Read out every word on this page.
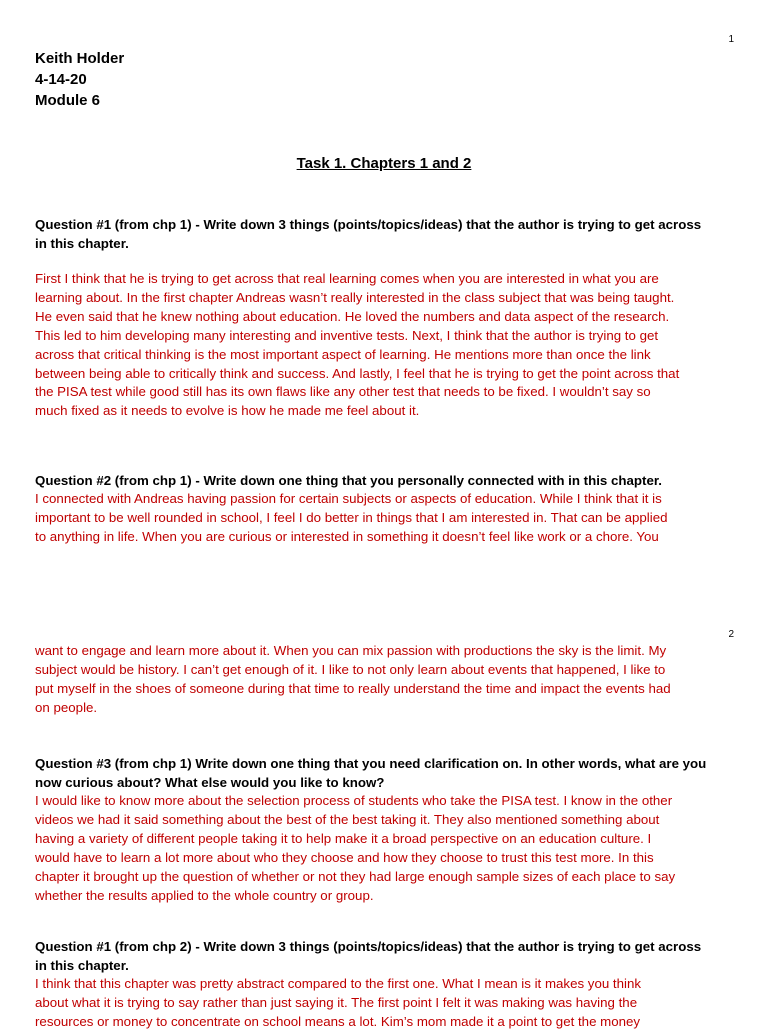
1
Keith Holder
4-14-20
Module 6
Task 1. Chapters 1 and 2
Question #1 (from chp 1) - Write down 3 things (points/topics/ideas) that the author is trying to get across
in this chapter.
First I think that he is trying to get across that real learning comes when you are interested in what you are
learning about. In the first chapter Andreas wasn’t really interested in the class subject that was being taught.
He even said that he knew nothing about education. He loved the numbers and data aspect of the research.
This led to him developing many interesting and inventive tests. Next, I think that the author is trying to get
across that critical thinking is the most important aspect of learning. He mentions more than once the link
between being able to critically think and success. And lastly, I feel that he is trying to get the point across that
the PISA test while good still has its own flaws like any other test that needs to be fixed. I wouldn’t say so
much fixed as it needs to evolve is how he made me feel about it.
Question #2 (from chp 1) - Write down one thing that you personally connected with in this chapter.
I connected with Andreas having passion for certain subjects or aspects of education. While I think that it is
important to be well rounded in school, I feel I do better in things that I am interested in. That can be applied
to anything in life. When you are curious or interested in something it doesn’t feel like work or a chore. You
2
want to engage and learn more about it. When you can mix passion with productions the sky is the limit. My
subject would be history. I can’t get enough of it. I like to not only learn about events that happened, I like to
put myself in the shoes of someone during that time to really understand the time and impact the events had
on people.
Question #3 (from chp 1) Write down one thing that you need clarification on. In other words, what are you
now curious about? What else would you like to know?
I would like to know more about the selection process of students who take the PISA test. I know in the other
videos we had it said something about the best of the best taking it. They also mentioned something about
having a variety of different people taking it to help make it a broad perspective on an education culture. I
would have to learn a lot more about who they choose and how they choose to trust this test more. In this
chapter it brought up the question of whether or not they had large enough sample sizes of each place to say
whether the results applied to the whole country or group.
Question #1 (from chp 2) - Write down 3 things (points/topics/ideas) that the author is trying to get across
in this chapter.
I think that this chapter was pretty abstract compared to the first one. What I mean is it makes you think
about what it is trying to say rather than just saying it. The first point I felt it was making was having the
resources or money to concentrate on school means a lot. Kim’s mom made it a point to get the money
